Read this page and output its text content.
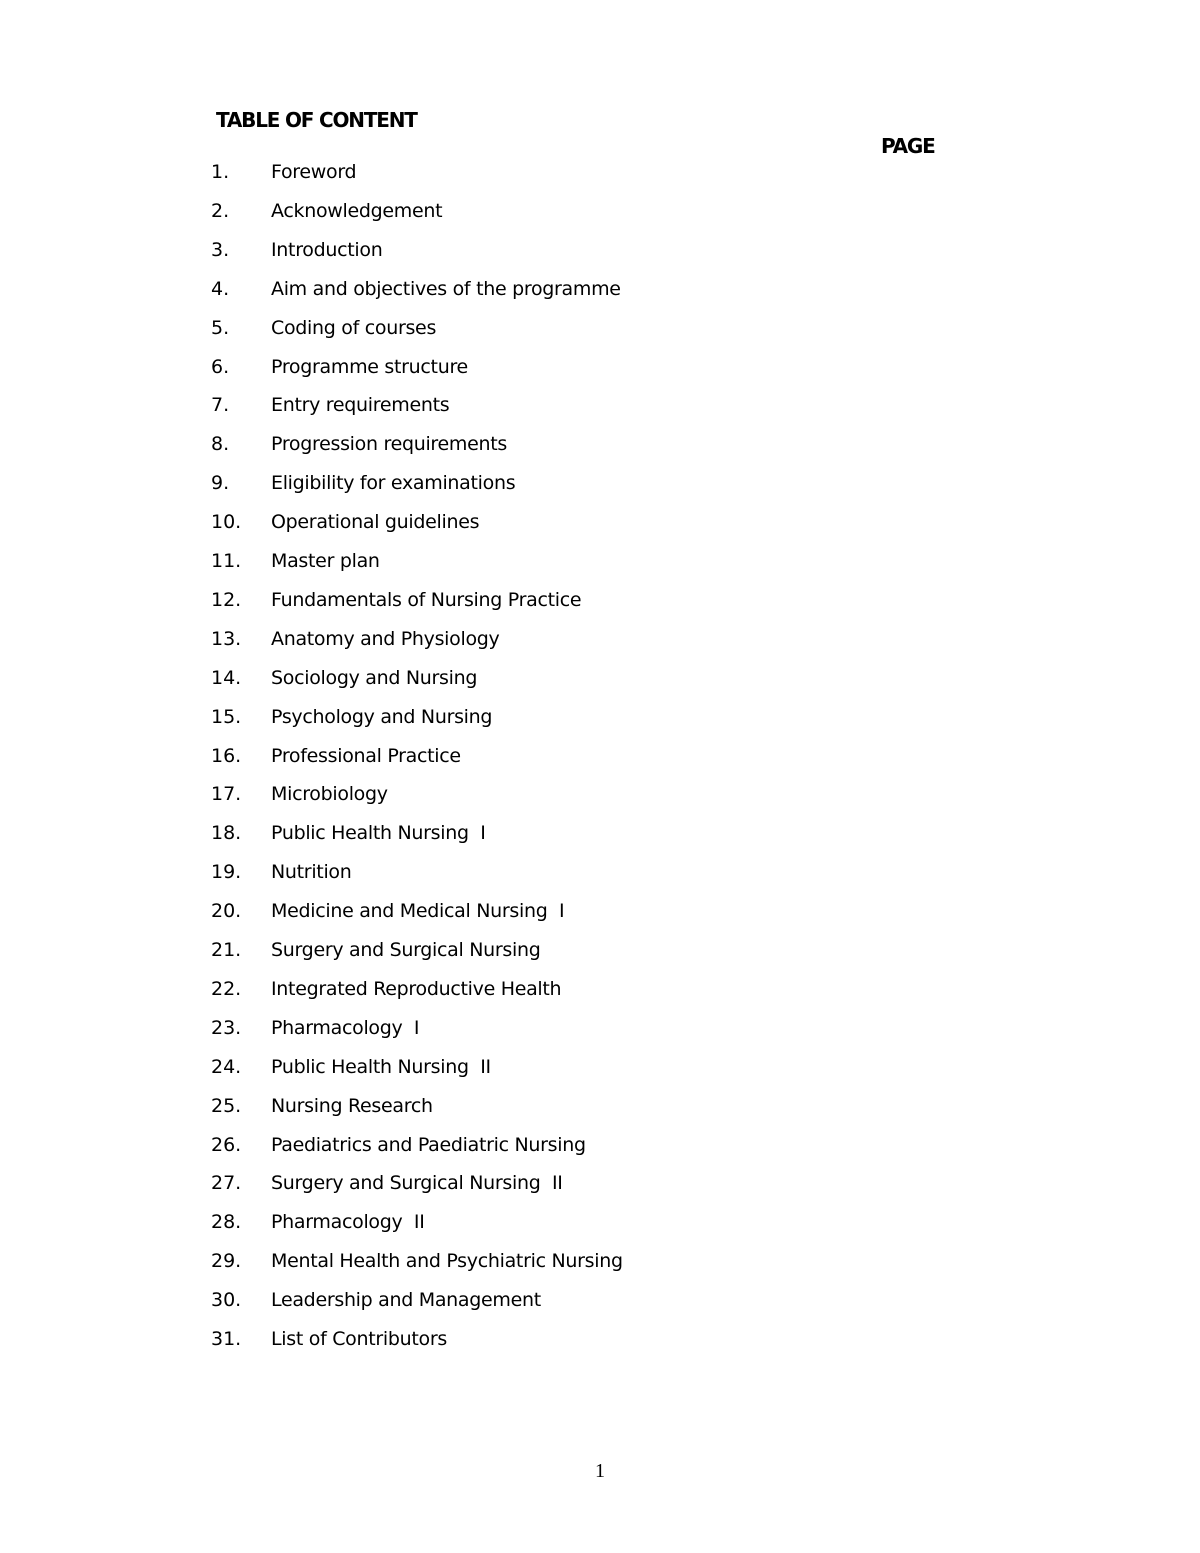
TABLE OF CONTENT
PAGE
1. Foreword
2. Acknowledgement
3. Introduction
4. Aim and objectives of the programme
5. Coding of courses
6. Programme structure
7. Entry requirements
8. Progression requirements
9. Eligibility for examinations
10. Operational guidelines
11. Master plan
12. Fundamentals of Nursing Practice
13. Anatomy and Physiology
14. Sociology and Nursing
15. Psychology and Nursing
16. Professional Practice
17. Microbiology
18. Public Health Nursing  I
19. Nutrition
20. Medicine and Medical Nursing  I
21. Surgery and Surgical Nursing
22. Integrated Reproductive Health
23. Pharmacology  I
24. Public Health Nursing  II
25. Nursing Research
26. Paediatrics and Paediatric Nursing
27. Surgery and Surgical Nursing  II
28. Pharmacology  II
29. Mental Health and Psychiatric Nursing
30. Leadership and Management
31. List of Contributors
1
